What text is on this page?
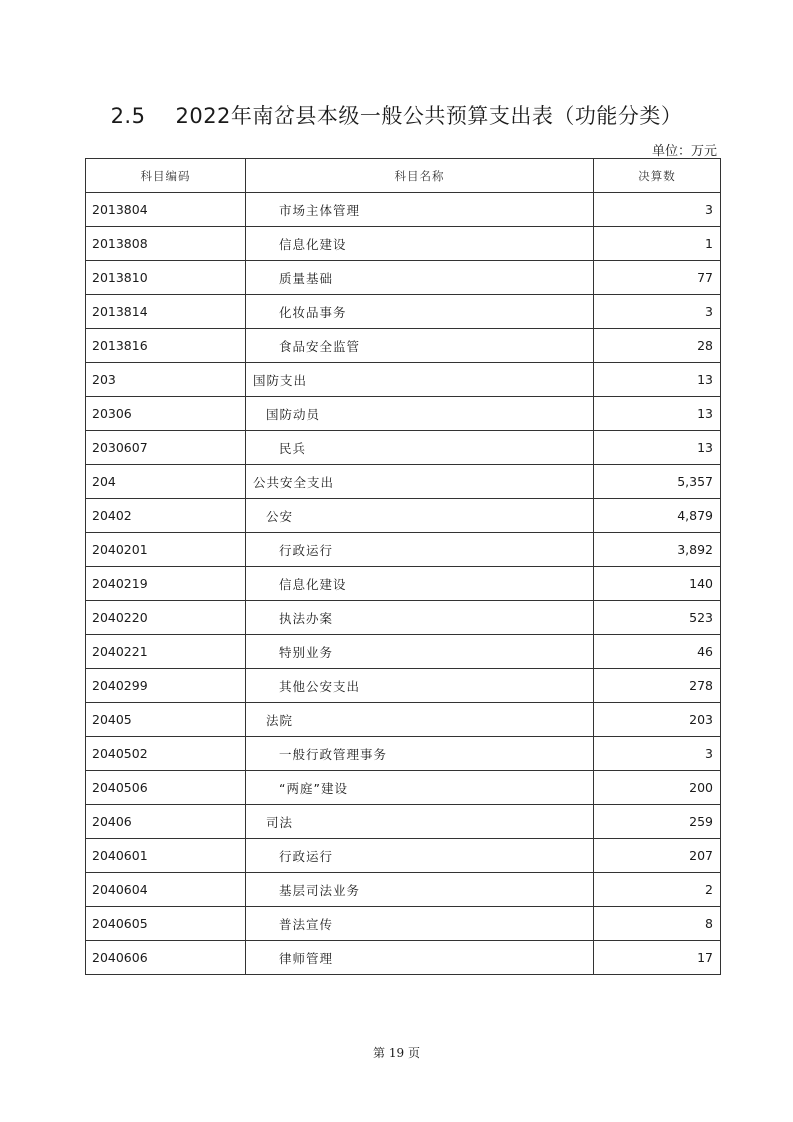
2.5 2022年南岔县本级一般公共预算支出表（功能分类）
单位：万元
科目编码	科目名称	决算数
2013804	市场主体管理	3
2013808	信息化建设	1
2013810	质量基础	77
2013814	化妆品事务	3
2013816	食品安全监管	28
203	国防支出	13
20306	国防动员	13
2030607	民兵	13
204	公共安全支出	5,357
20402	公安	4,879
2040201	行政运行	3,892
2040219	信息化建设	140
2040220	执法办案	523
2040221	特别业务	46
2040299	其他公安支出	278
20405	法院	203
2040502	一般行政管理事务	3
2040506	“两庭”建设	200
20406	司法	259
2040601	行政运行	207
2040604	基层司法业务	2
2040605	普法宣传	8
2040606	律师管理	17
第 19 页
